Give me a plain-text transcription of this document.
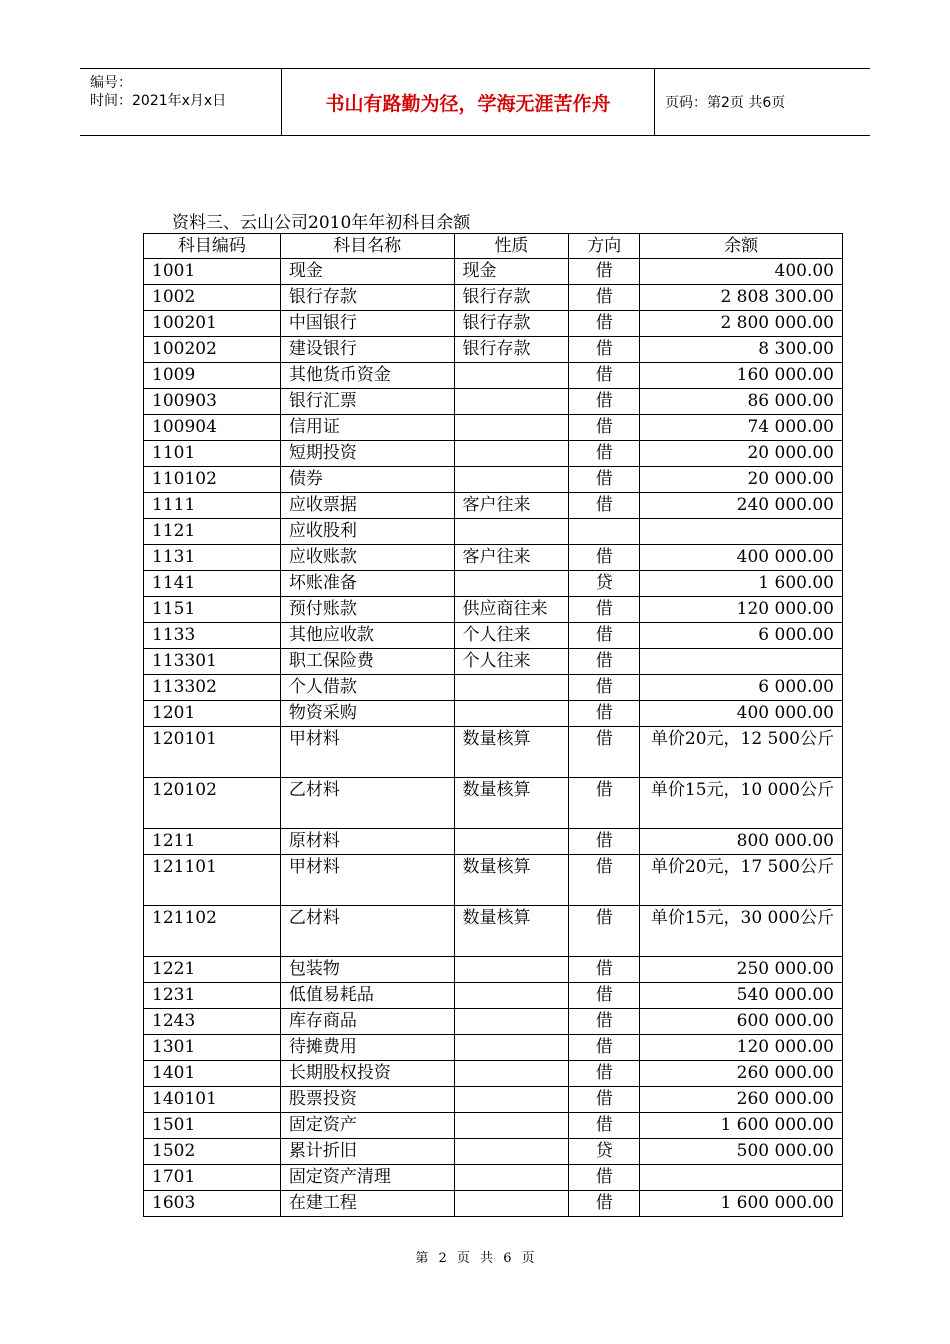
编号：
时间：2021年x月x日	书山有路勤为径，学海无涯苦作舟	页码：第2页 共6页
资料三、云山公司2010年年初科目余额
科目编码	科目名称	性质	方向	余额
1001	现金	现金	借	400.00
1002	银行存款	银行存款	借	2 808 300.00
100201	中国银行	银行存款	借	2 800 000.00
100202	建设银行	银行存款	借	8 300.00
1009	其他货币资金		借	160 000.00
100903	银行汇票		借	86 000.00
100904	信用证		借	74 000.00
1101	短期投资		借	20 000.00
110102	债券		借	20 000.00
1111	应收票据	客户往来	借	240 000.00
1121	应收股利			
1131	应收账款	客户往来	借	400 000.00
1141	坏账准备		贷	1 600.00
1151	预付账款	供应商往来	借	120 000.00
1133	其他应收款	个人往来	借	6 000.00
113301	职工保险费	个人往来	借	
113302	个人借款		借	6 000.00
1201	物资采购		借	400 000.00
120101	甲材料	数量核算	借	单价20元，12 500公斤
120102	乙材料	数量核算	借	单价15元，10 000公斤
1211	原材料		借	800 000.00
121101	甲材料	数量核算	借	单价20元，17 500公斤
121102	乙材料	数量核算	借	单价15元，30 000公斤
1221	包装物		借	250 000.00
1231	低值易耗品		借	540 000.00
1243	库存商品		借	600 000.00
1301	待摊费用		借	120 000.00
1401	长期股权投资		借	260 000.00
140101	股票投资		借	260 000.00
1501	固定资产		借	1 600 000.00
1502	累计折旧		贷	500 000.00
1701	固定资产清理		借	
1603	在建工程		借	1 600 000.00
第 2 页 共 6 页
